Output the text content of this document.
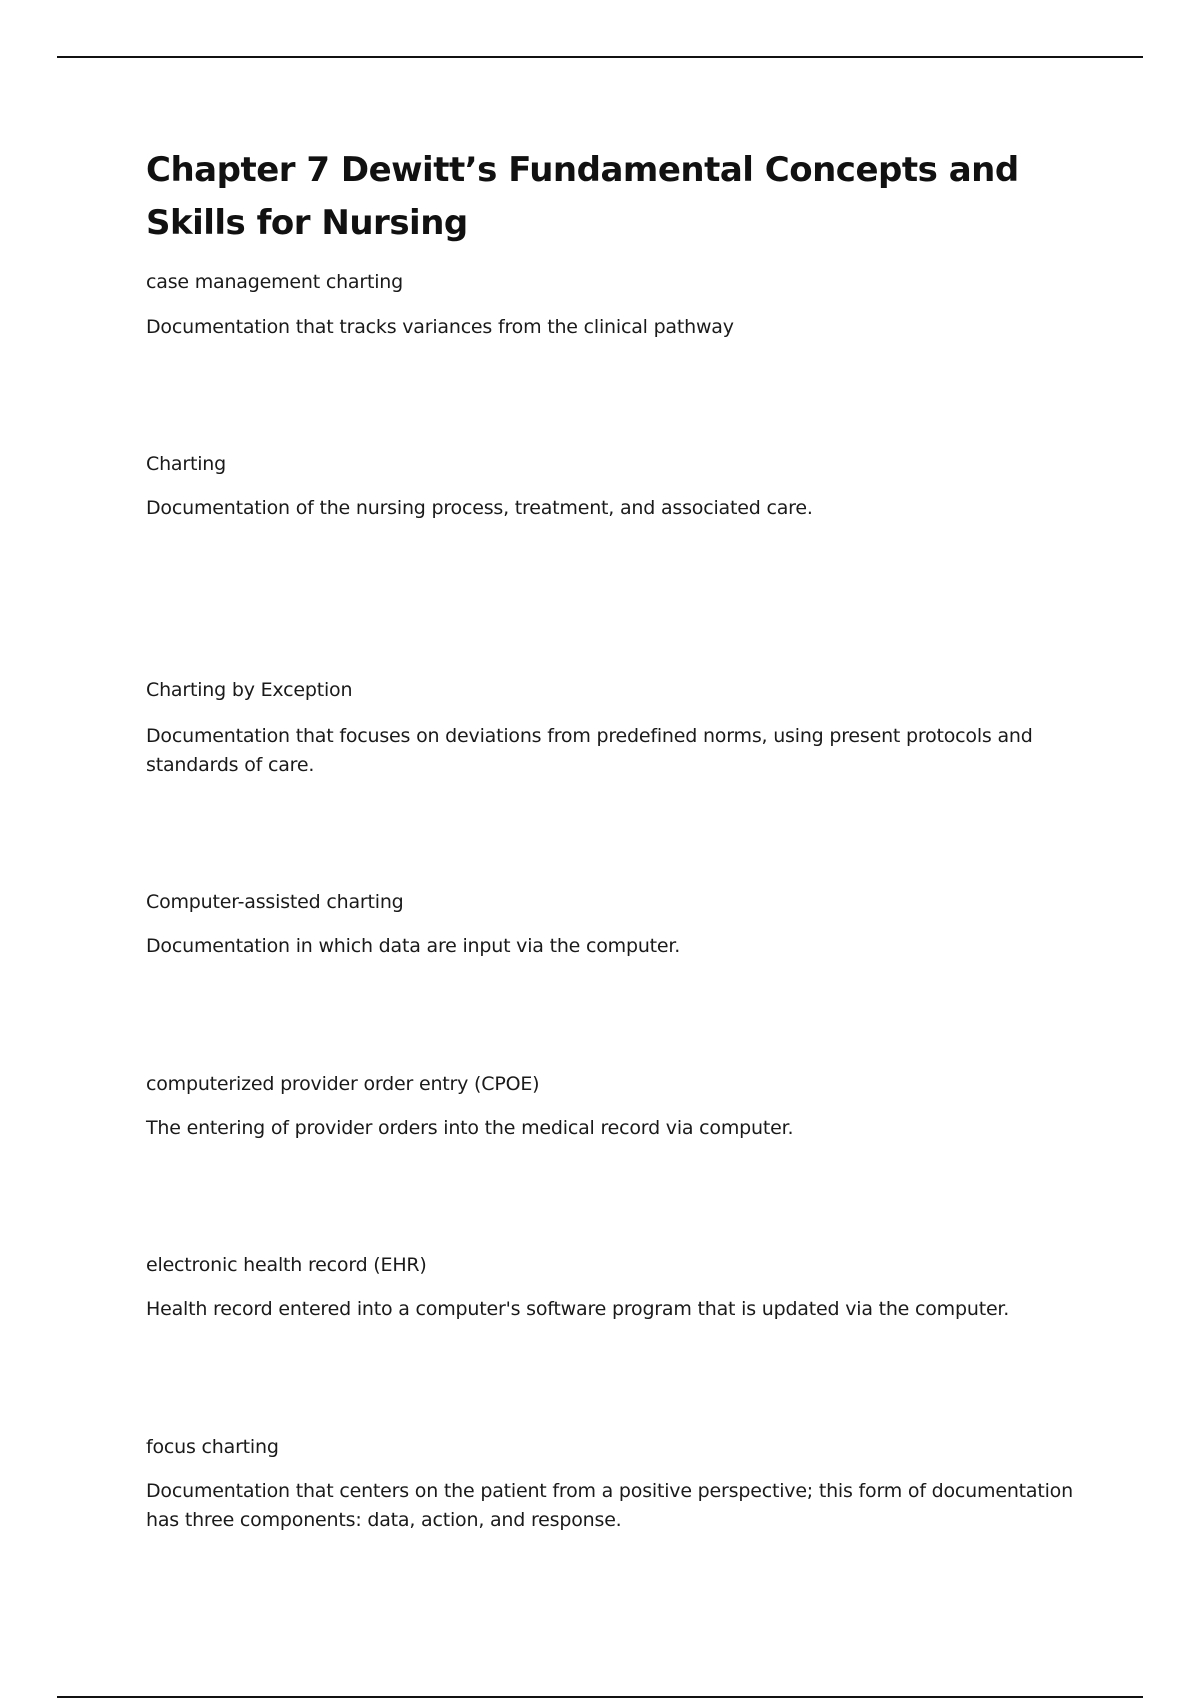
Chapter 7 Dewitt’s Fundamental Concepts and Skills for Nursing

case management charting

Documentation that tracks variances from the clinical pathway

Charting

Documentation of the nursing process, treatment, and associated care.

Charting by Exception

Documentation that focuses on deviations from predefined norms, using present protocols and standards of care.

Computer-assisted charting

Documentation in which data are input via the computer.

computerized provider order entry (CPOE)

The entering of provider orders into the medical record via computer.

electronic health record (EHR)

Health record entered into a computer's software program that is updated via the computer.

focus charting

Documentation that centers on the patient from a positive perspective; this form of documentation has three components: data, action, and response.
